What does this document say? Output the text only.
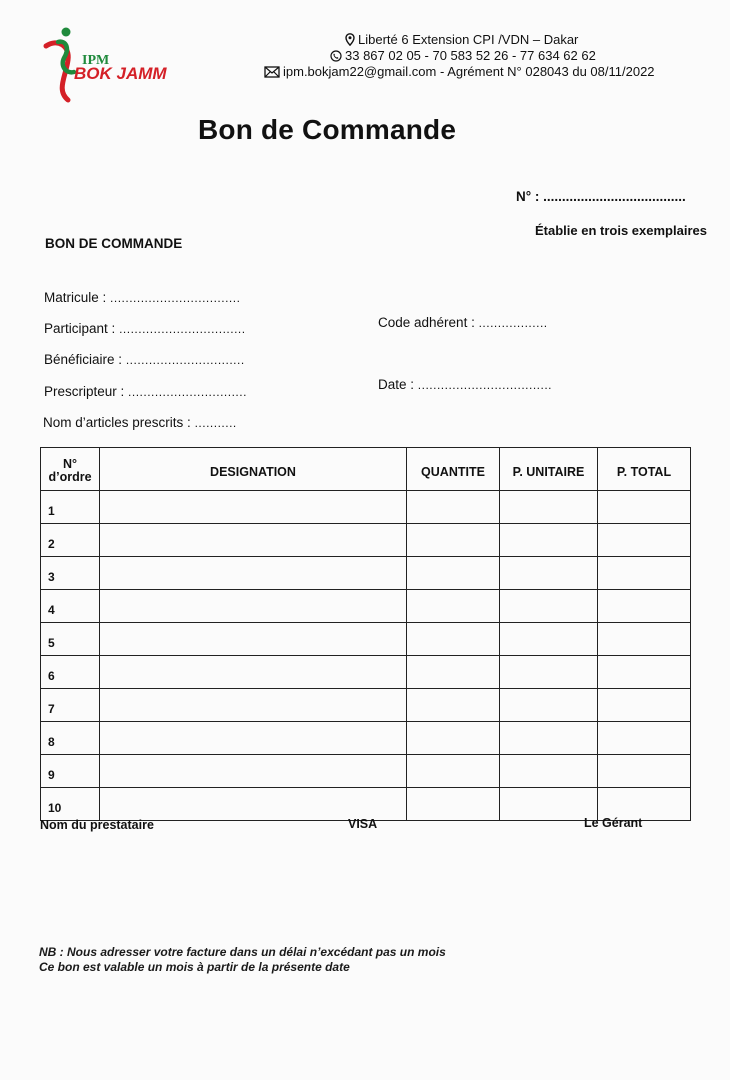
IPM
BOK JAMM
Liberté 6 Extension CPI /VDN – Dakar
33 867 02 05 - 70 583 52 26 - 77 634 62 62
ipm.bokjam22@gmail.com - Agrément N° 028043 du 08/11/2022
Bon de Commande
N° : ......................................
Établie en trois exemplaires
BON DE COMMANDE
Matricule : ..................................
Participant : .................................
Bénéficiaire : ...............................
Prescripteur : ...............................
Nom d’articles prescrits : ...........
Code adhérent : ..................
Date : ...................................
N°
d’ordre	DESIGNATION	QUANTITE	P. UNITAIRE	P. TOTAL
1				
2				
3				
4				
5				
6				
7				
8				
9				
10				
Nom du prestataire	VISA	Le Gérant
NB : Nous adresser votre facture dans un délai n’excédant pas un mois
Ce bon est valable un mois à partir de la présente date
